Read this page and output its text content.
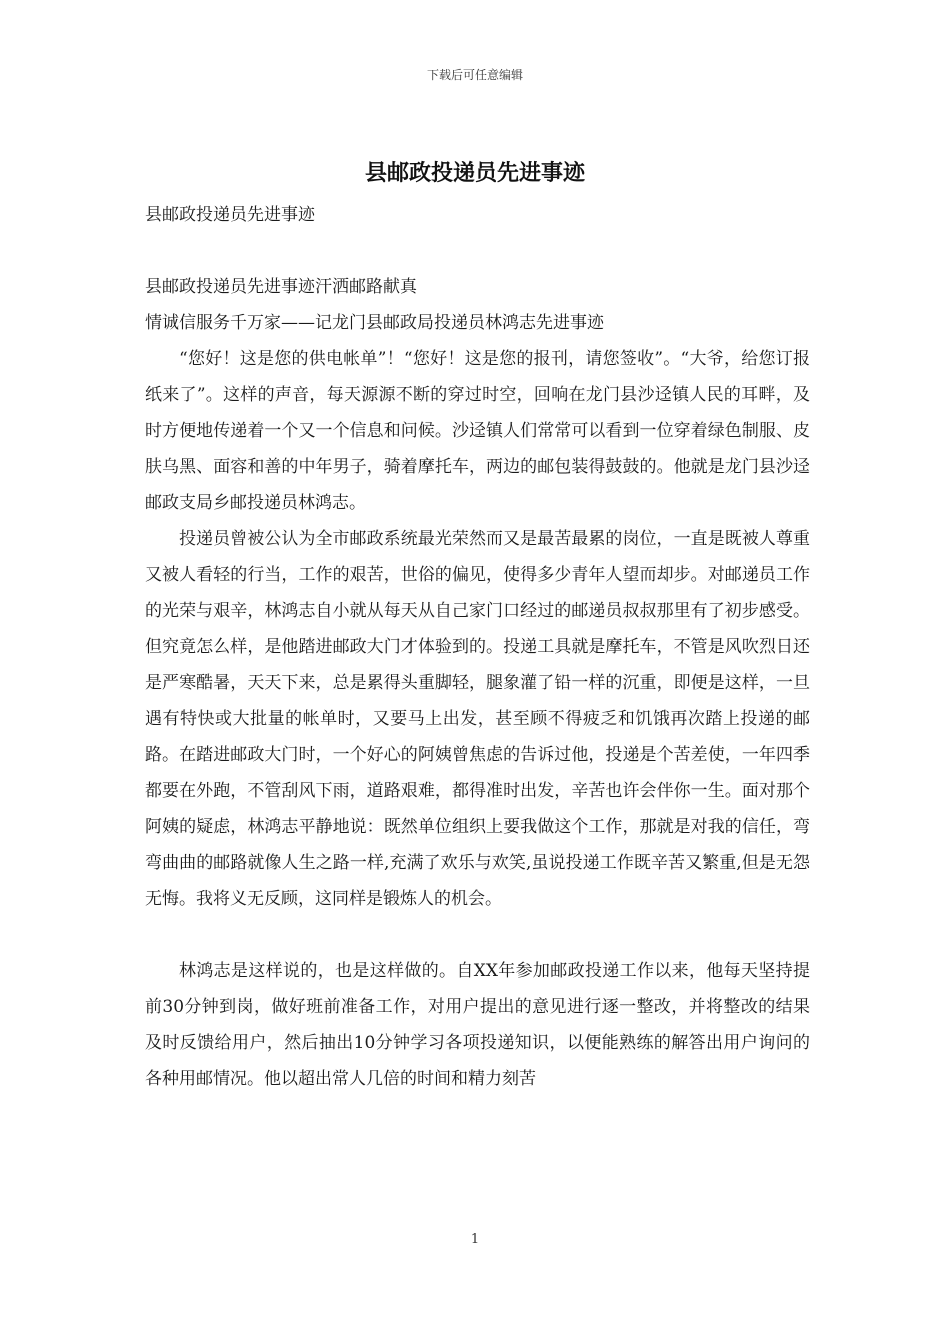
下载后可任意编辑
县邮政投递员先进事迹

县邮政投递员先进事迹

县邮政投递员先进事迹汗洒邮路献真

情诚信服务千万家——记龙门县邮政局投递员林鸿志先进事迹

“您好！这是您的供电帐单”！“您好！这是您的报刊，请您签收”。“大爷，给您订报纸来了”。这样的声音，每天源源不断的穿过时空，回响在龙门县沙迳镇人民的耳畔，及时方便地传递着一个又一个信息和问候。沙迳镇人们常常可以看到一位穿着绿色制服、皮肤乌黑、面容和善的中年男子，骑着摩托车，两边的邮包装得鼓鼓的。他就是龙门县沙迳邮政支局乡邮投递员林鸿志。

投递员曾被公认为全市邮政系统最光荣然而又是最苦最累的岗位，一直是既被人尊重又被人看轻的行当，工作的艰苦，世俗的偏见，使得多少青年人望而却步。对邮递员工作的光荣与艰辛，林鸿志自小就从每天从自己家门口经过的邮递员叔叔那里有了初步感受。但究竟怎么样，是他踏进邮政大门才体验到的。投递工具就是摩托车，不管是风吹烈日还是严寒酷暑，天天下来，总是累得头重脚轻，腿象灌了铅一样的沉重，即便是这样，一旦遇有特快或大批量的帐单时，又要马上出发，甚至顾不得疲乏和饥饿再次踏上投递的邮路。在踏进邮政大门时，一个好心的阿姨曾焦虑的告诉过他，投递是个苦差使，一年四季都要在外跑，不管刮风下雨，道路艰难，都得准时出发，辛苦也许会伴你一生。面对那个阿姨的疑虑，林鸿志平静地说：既然单位组织上要我做这个工作，那就是对我的信任，弯弯曲曲的邮路就像人生之路一样,充满了欢乐与欢笑,虽说投递工作既辛苦又繁重,但是无怨无悔。我将义无反顾，这同样是锻炼人的机会。

林鸿志是这样说的，也是这样做的。自XX年参加邮政投递工作以来，他每天坚持提前30分钟到岗，做好班前准备工作，对用户提出的意见进行逐一整改，并将整改的结果及时反馈给用户，然后抽出10分钟学习各项投递知识，以便能熟练的解答出用户询问的各种用邮情况。他以超出常人几倍的时间和精力刻苦

1
